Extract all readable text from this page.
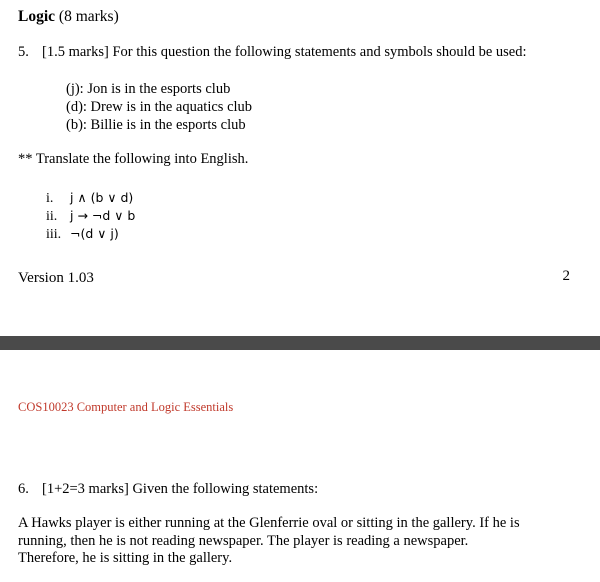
Logic (8 marks)
5. [1.5 marks] For this question the following statements and symbols should be used:
(j): Jon is in the esports club
(d): Drew is in the aquatics club
(b): Billie is in the esports club
** Translate the following into English.
i. j ∧ (b ∨ d)
ii. j → ¬d ∨ b
iii. ¬(d ∨ j)
Version 1.03	2
COS10023 Computer and Logic Essentials
6. [1+2=3 marks] Given the following statements:
A Hawks player is either running at the Glenferrie oval or sitting in the gallery. If he is
running, then he is not reading newspaper. The player is reading a newspaper.
Therefore, he is sitting in the gallery.
